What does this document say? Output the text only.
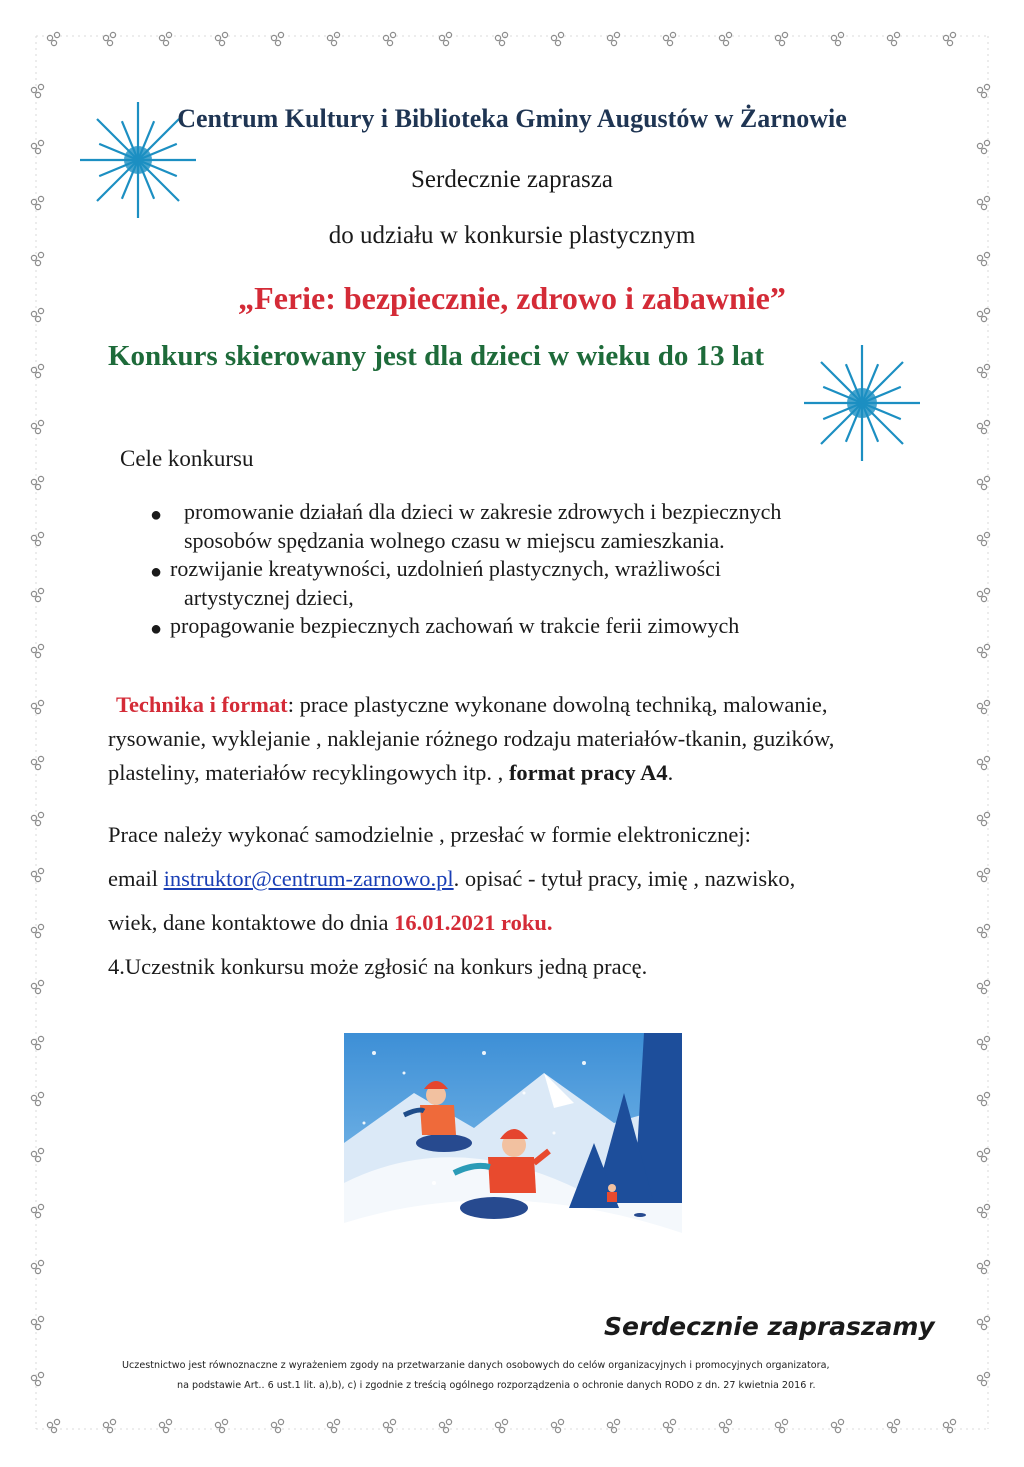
Centrum Kultury i Biblioteka Gminy Augustów w Żarnowie
Serdecznie zaprasza
do udziału w konkursie plastycznym
„Ferie: bezpiecznie, zdrowo i zabawnie”
Konkurs skierowany jest dla dzieci w wieku do 13 lat
Cele konkursu
● promowanie działań dla dzieci w zakresie zdrowych i bezpiecznych
sposobów spędzania wolnego czasu w miejscu zamieszkania.
● rozwijanie kreatywności, uzdolnień plastycznych, wrażliwości
artystycznej dzieci,
● propagowanie bezpiecznych zachowań w trakcie ferii zimowych
Technika i format: prace plastyczne wykonane dowolną techniką, malowanie,
rysowanie, wyklejanie , naklejanie różnego rodzaju materiałów-tkanin, guzików,
plasteliny, materiałów recyklingowych itp. , format pracy A4.
Prace należy wykonać samodzielnie , przesłać w formie elektronicznej:
email instruktor@centrum-zarnowo.pl. opisać - tytuł pracy, imię , nazwisko,
wiek, dane kontaktowe do dnia 16.01.2021 roku.
4.Uczestnik konkursu może zgłosić na konkurs jedną pracę.
Serdecznie zapraszamy
Uczestnictwo jest równoznaczne z wyrażeniem zgody na przetwarzanie danych osobowych do celów organizacyjnych i promocyjnych organizatora,
na podstawie Art.. 6 ust.1 lit. a),b), c) i zgodnie z treścią ogólnego rozporządzenia o ochronie danych RODO z dn. 27 kwietnia 2016 r.
